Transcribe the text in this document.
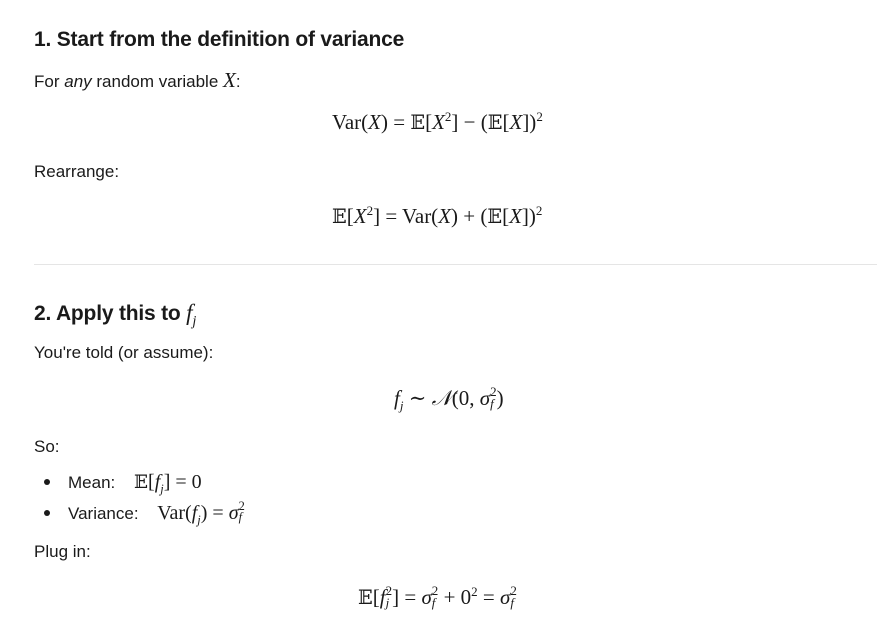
1. Start from the definition of variance
For any random variable X:
$Var(X) = 𝔼[X^2]$ − (𝔼[X])$^2$
Rearrange:
$𝔼[X^2] = Var(X)$ + (𝔼[X])$^2$
2. Apply this to $f_j$
You're told (or assume):
$f_j$ ∼ 𝒩(0, σ 2
f )
So:
Mean: $𝔼[f_j] = 0$
Variance: $Var(f_j) = \sigma$ 2
f
Plug in:
𝔼[f 2
j ] = σ 2
$f + 0^2 = \sigma$ 2
f
